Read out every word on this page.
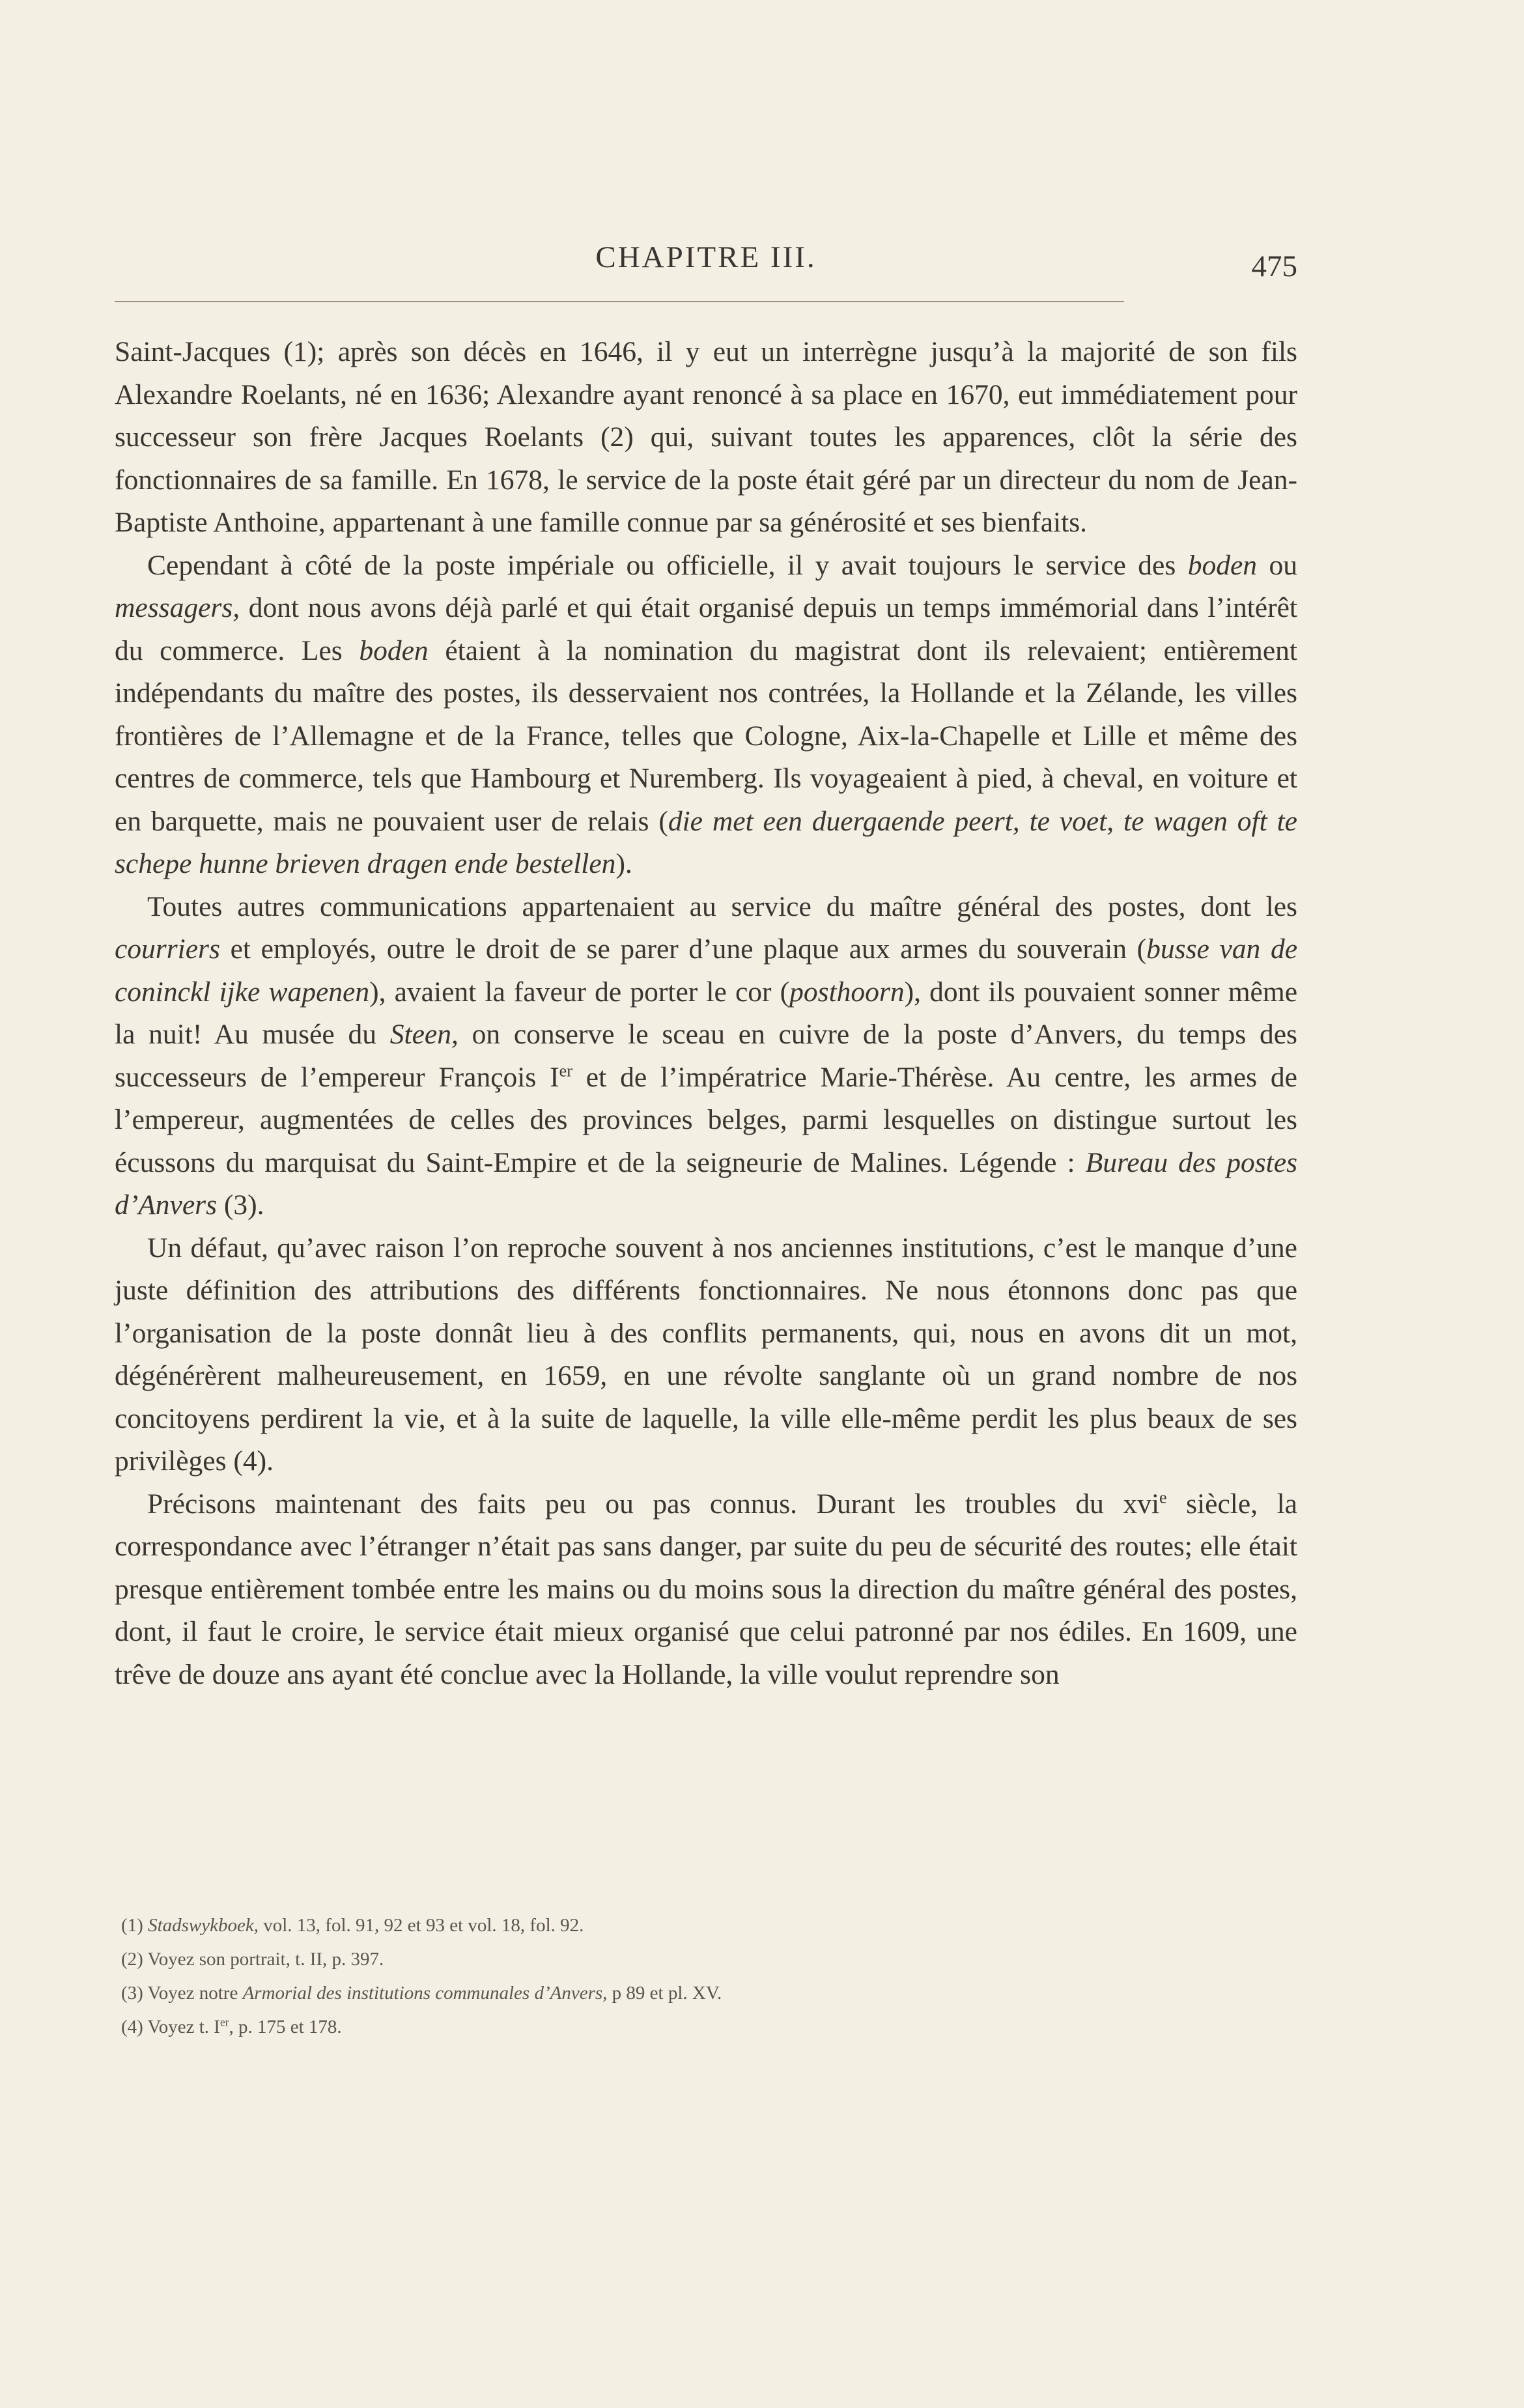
CHAPITRE III.	475

Saint-Jacques (1); après son décès en 1646, il y eut un interrègne jusqu’à la majorité de son fils Alexandre Roelants, né en 1636; Alexandre ayant renoncé à sa place en 1670, eut immédiatement pour successeur son frère Jacques Roelants (2) qui, suivant toutes les apparences, clôt la série des fonctionnaires de sa famille. En 1678, le service de la poste était géré par un directeur du nom de Jean-Baptiste Anthoine, appartenant à une famille connue par sa générosité et ses bienfaits.

Cependant à côté de la poste impériale ou officielle, il y avait toujours le service des boden ou messagers, dont nous avons déjà parlé et qui était organisé depuis un temps immémorial dans l’intérêt du commerce. Les boden étaient à la nomination du magistrat dont ils relevaient; entièrement indépendants du maître des postes, ils desservaient nos contrées, la Hollande et la Zélande, les villes frontières de l’Allemagne et de la France, telles que Cologne, Aix-la-Chapelle et Lille et même des centres de commerce, tels que Hambourg et Nuremberg. Ils voyageaient à pied, à cheval, en voiture et en barquette, mais ne pouvaient user de relais (die met een duergaende peert, te voet, te wagen oft te schepe hunne brieven dragen ende bestellen).

Toutes autres communications appartenaient au service du maître général des postes, dont les courriers et employés, outre le droit de se parer d’une plaque aux armes du souverain (busse van de coninckl ijke wapenen), avaient la faveur de porter le cor (posthoorn), dont ils pouvaient sonner même la nuit! Au musée du Steen, on conserve le sceau en cuivre de la poste d’Anvers, du temps des successeurs de l’empereur François Ier et de l’impératrice Marie-Thérèse. Au centre, les armes de l’empereur, augmentées de celles des provinces belges, parmi lesquelles on distingue surtout les écussons du marquisat du Saint-Empire et de la seigneurie de Malines. Légende : Bureau des postes d’Anvers (3).

Un défaut, qu’avec raison l’on reproche souvent à nos anciennes institutions, c’est le manque d’une juste définition des attributions des différents fonctionnaires. Ne nous étonnons donc pas que l’organisation de la poste donnât lieu à des conflits permanents, qui, nous en avons dit un mot, dégénérèrent malheureusement, en 1659, en une révolte sanglante où un grand nombre de nos concitoyens perdirent la vie, et à la suite de laquelle, la ville elle-même perdit les plus beaux de ses privilèges (4).

Précisons maintenant des faits peu ou pas connus. Durant les troubles du xvi$^e$ siècle, la correspondance avec l’étranger n’était pas sans danger, par suite du peu de sécurité des routes; elle était presque entièrement tombée entre les mains ou du moins sous la direction du maître général des postes, dont, il faut le croire, le service était mieux organisé que celui patronné par nos édiles. En 1609, une trêve de douze ans ayant été conclue avec la Hollande, la ville voulut reprendre son

(1) Stadswykboek, vol. 13, fol. 91, 92 et 93 et vol. 18, fol. 92.
(2) Voyez son portrait, t. II, p. 397.
(3) Voyez notre Armorial des institutions communales d’Anvers, p 89 et pl. XV.
(4) Voyez t. Ier, p. 175 et 178.
